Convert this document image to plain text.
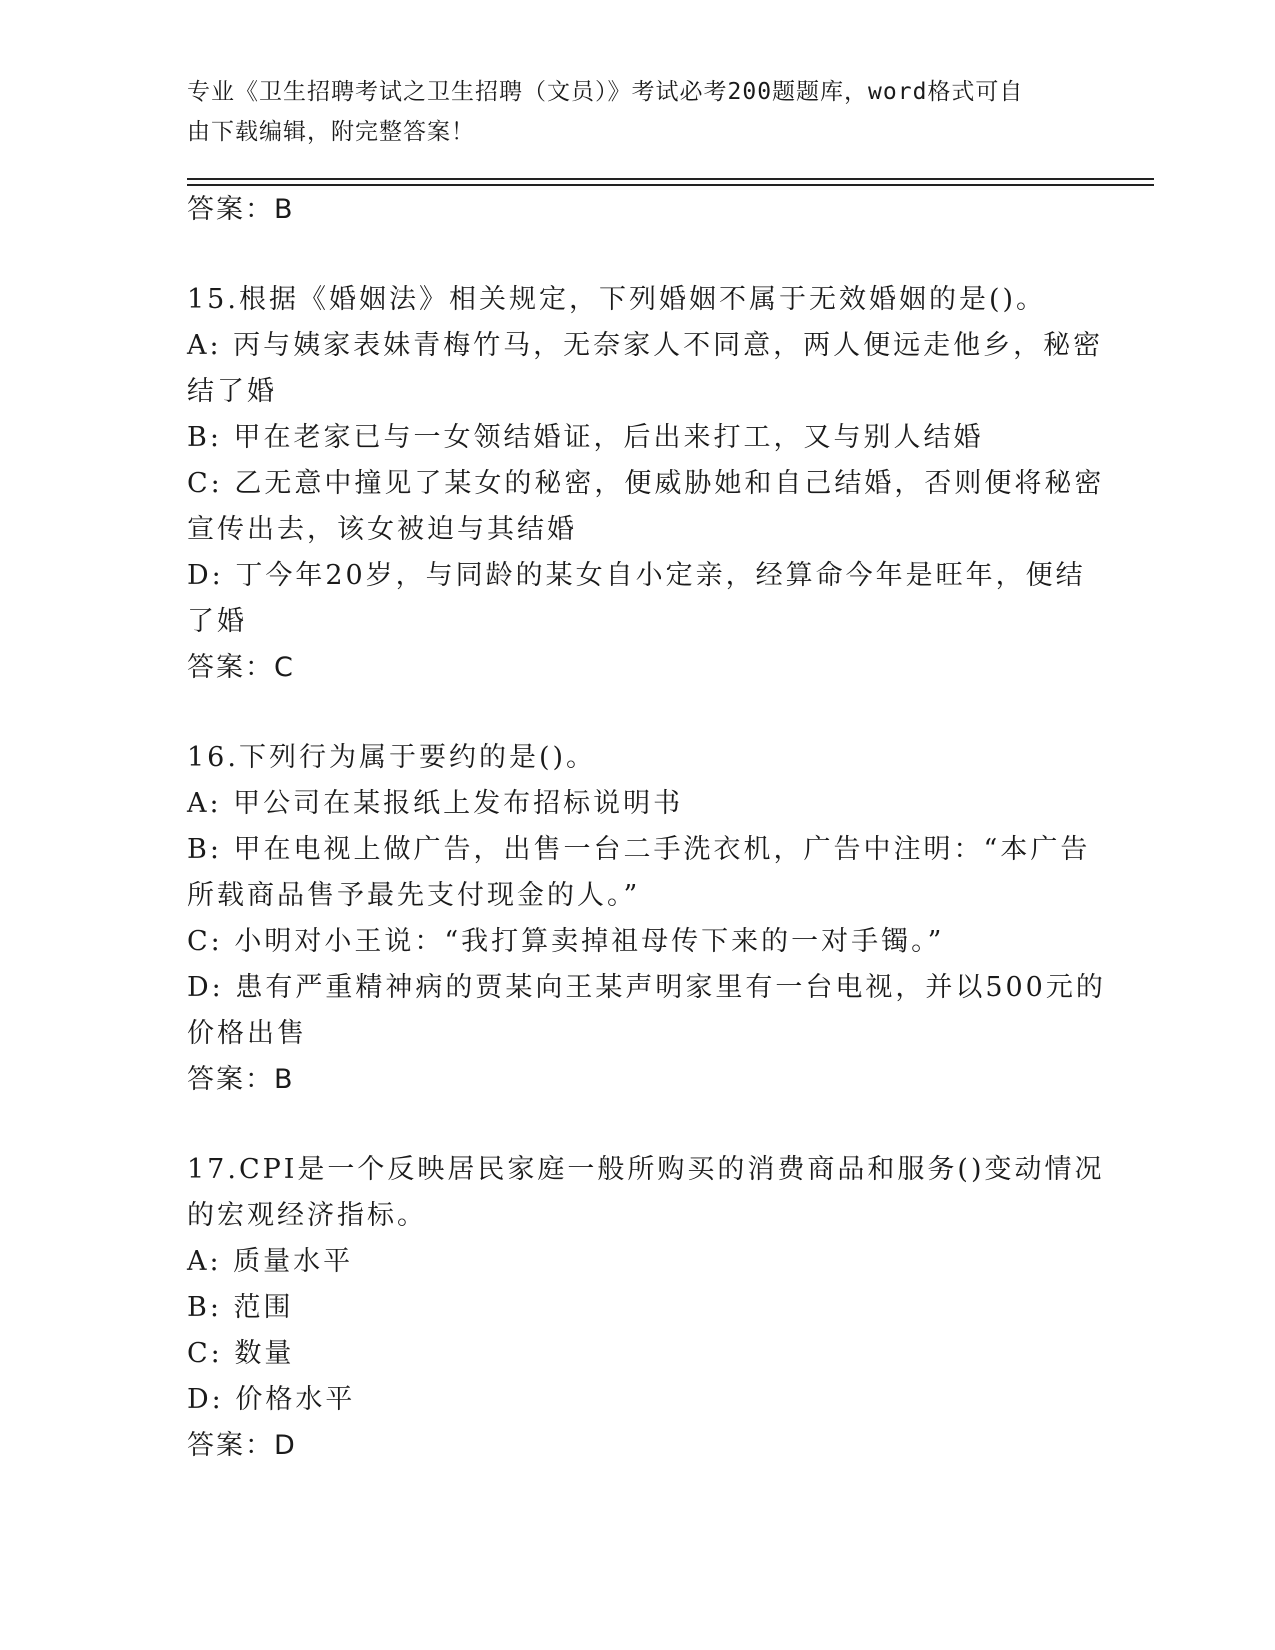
专业《卫生招聘考试之卫生招聘（文员）》考试必考200题题库，word格式可自
由下载编辑，附完整答案！
答案：B
15.根据《婚姻法》相关规定，下列婚姻不属于无效婚姻的是()。
A: 丙与姨家表妹青梅竹马，无奈家人不同意，两人便远走他乡，秘密
结了婚
B: 甲在老家已与一女领结婚证，后出来打工，又与别人结婚
C: 乙无意中撞见了某女的秘密，便威胁她和自己结婚，否则便将秘密
宣传出去，该女被迫与其结婚
D: 丁今年20岁，与同龄的某女自小定亲，经算命今年是旺年，便结
了婚
答案：C
16.下列行为属于要约的是()。
A: 甲公司在某报纸上发布招标说明书
B: 甲在电视上做广告，出售一台二手洗衣机，广告中注明：“本广告
所载商品售予最先支付现金的人。”
C: 小明对小王说：“我打算卖掉祖母传下来的一对手镯。”
D: 患有严重精神病的贾某向王某声明家里有一台电视，并以500元的
价格出售
答案：B
17.CPI是一个反映居民家庭一般所购买的消费商品和服务()变动情况
的宏观经济指标。
A: 质量水平
B: 范围
C: 数量
D: 价格水平
答案：D
